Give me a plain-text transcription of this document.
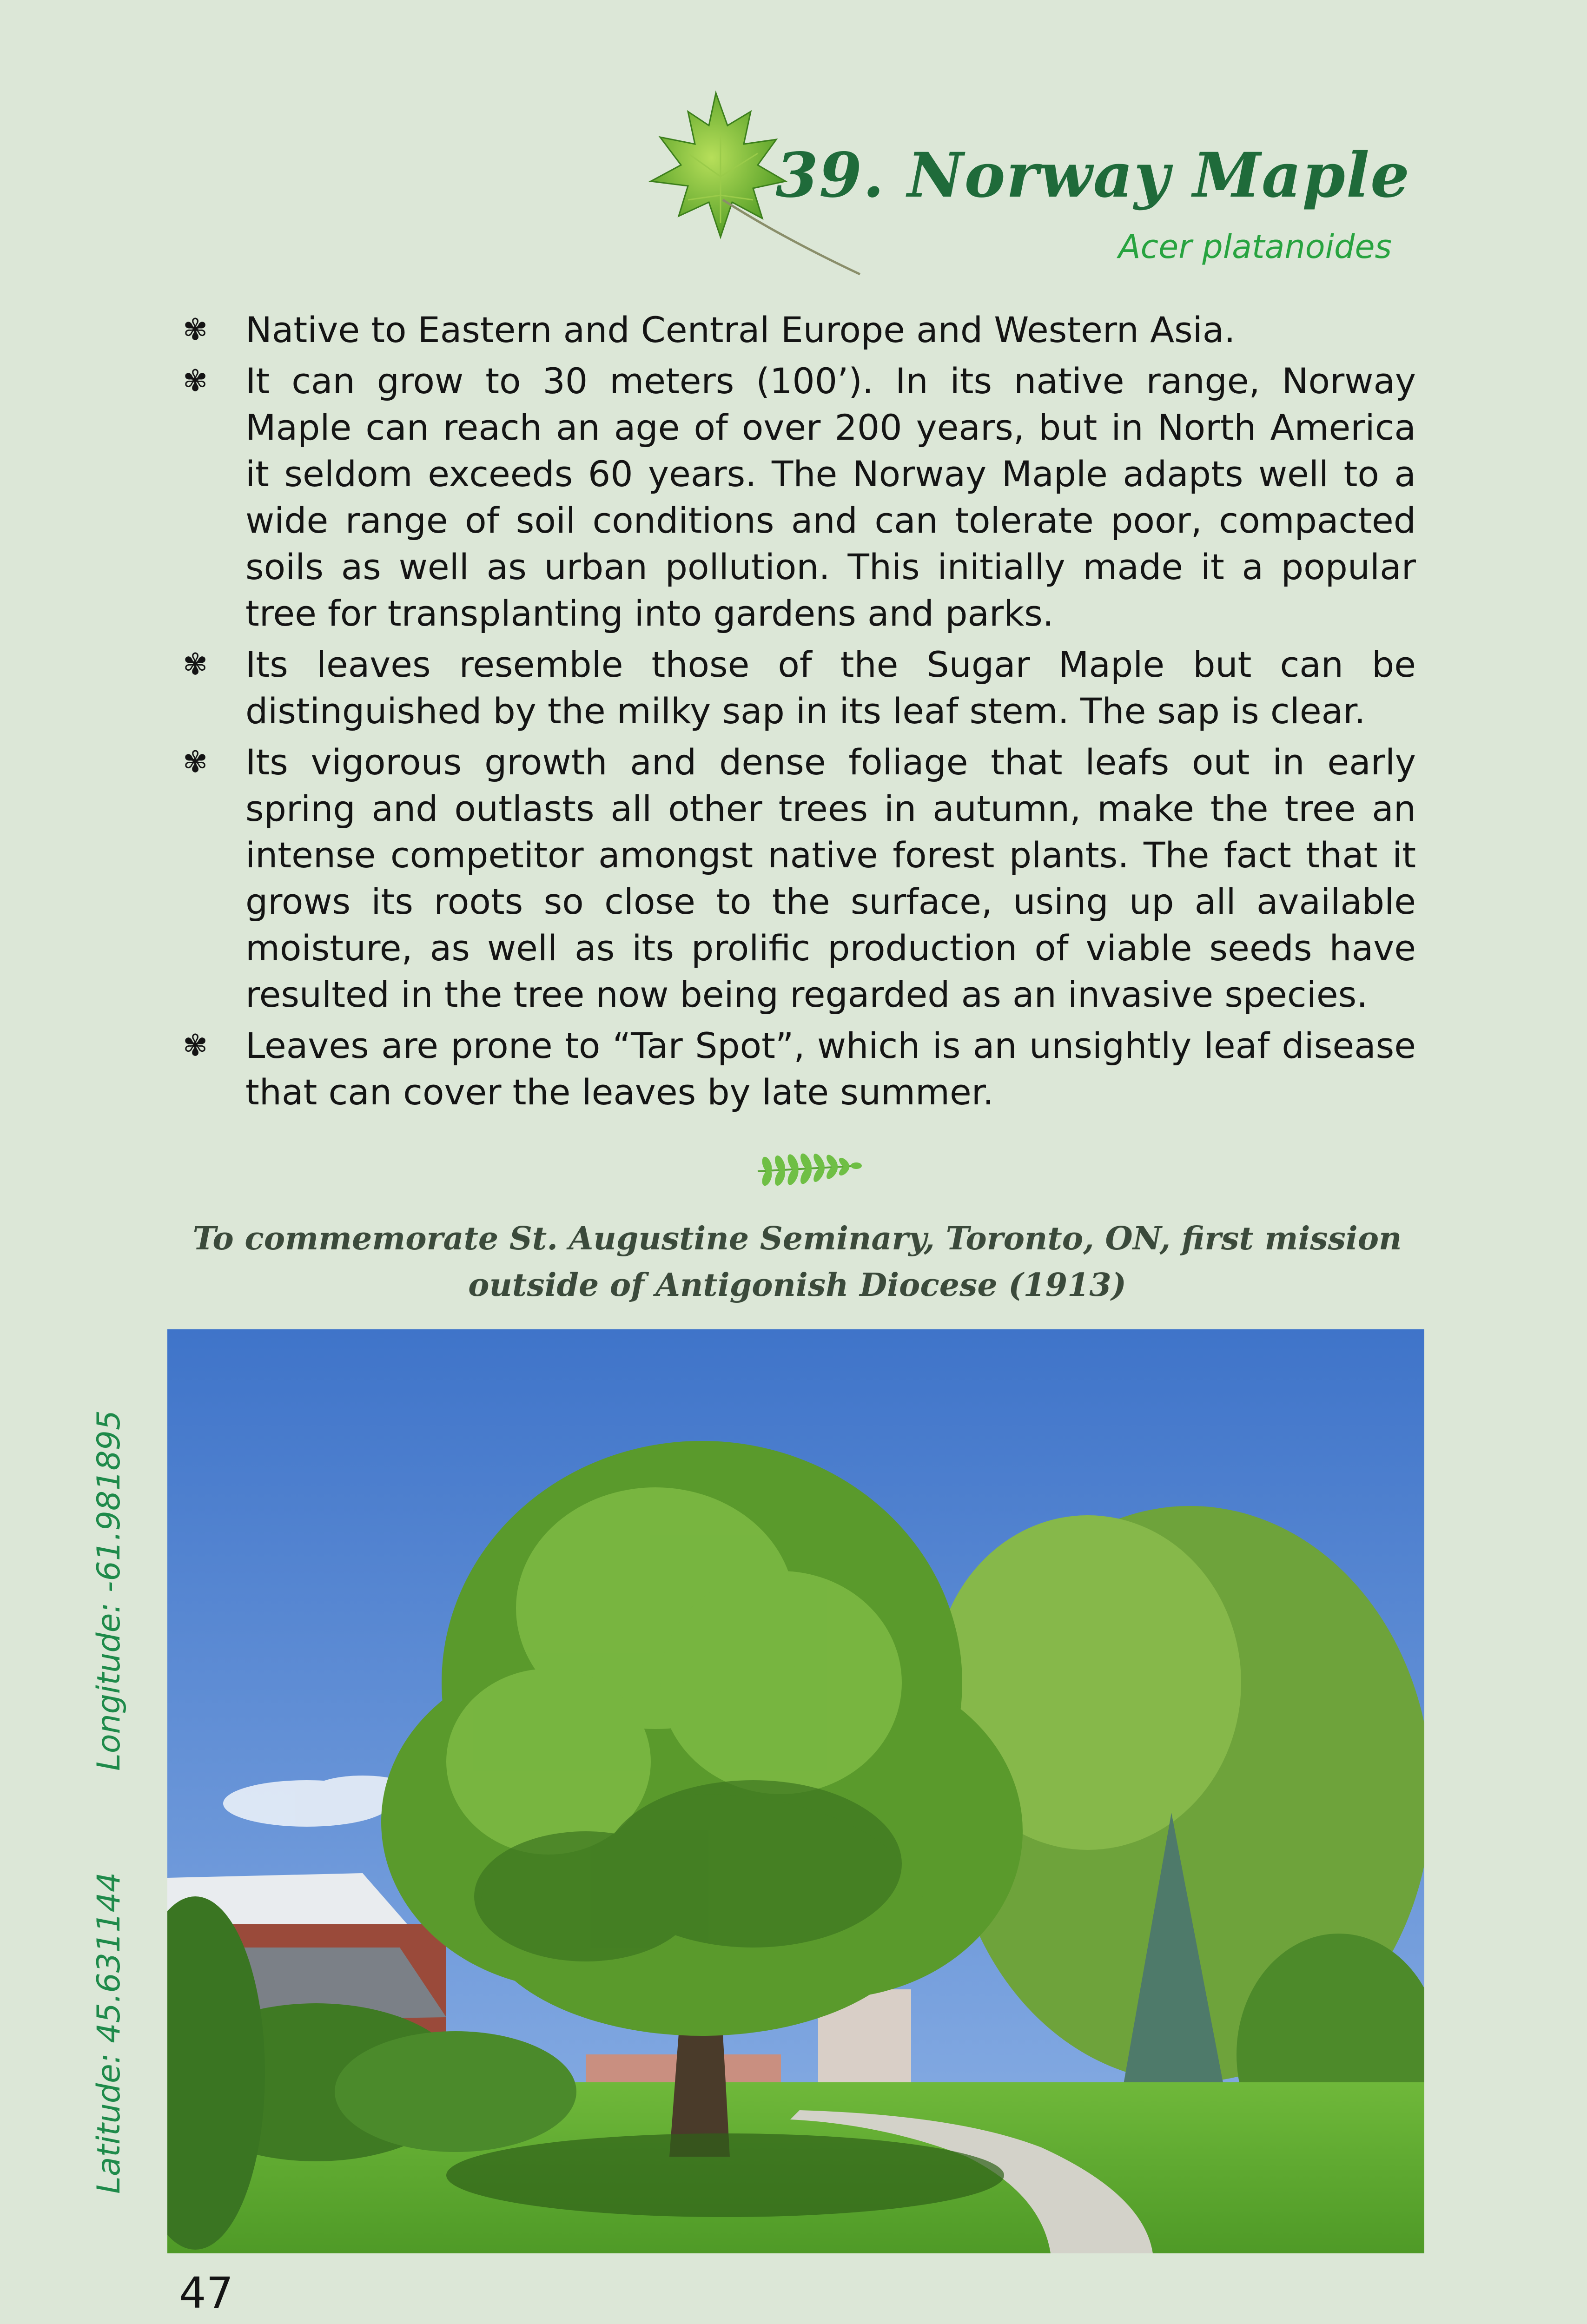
39. Norway Maple
Acer platanoides
✾ Native to Eastern and Central Europe and Western Asia.
✾ It can grow to 30 meters (100’). In its native range, Norway Maple can reach an age of over 200 years, but in North America it seldom exceeds 60 years. The Norway Maple adapts well to a wide range of soil conditions and can tolerate poor, compacted soils as well as urban pollution. This initially made it a popular tree for transplanting into gardens and parks.
✾ Its leaves resemble those of the Sugar Maple but can be distinguished by the milky sap in its leaf stem. The sap is clear.
✾ Its vigorous growth and dense foliage that leafs out in early spring and outlasts all other trees in autumn, make the tree an intense competitor amongst native forest plants. The fact that it grows its roots so close to the surface, using up all available moisture, as well as its prolific production of viable seeds have resulted in the tree now being regarded as an invasive species.
✾ Leaves are prone to “Tar Spot”, which is an unsightly leaf disease that can cover the leaves by late summer.
To commemorate St. Augustine Seminary, Toronto, ON, first mission
outside of Antigonish Diocese (1913)
Latitude: 45.631144
Longitude: -61.981895
47
